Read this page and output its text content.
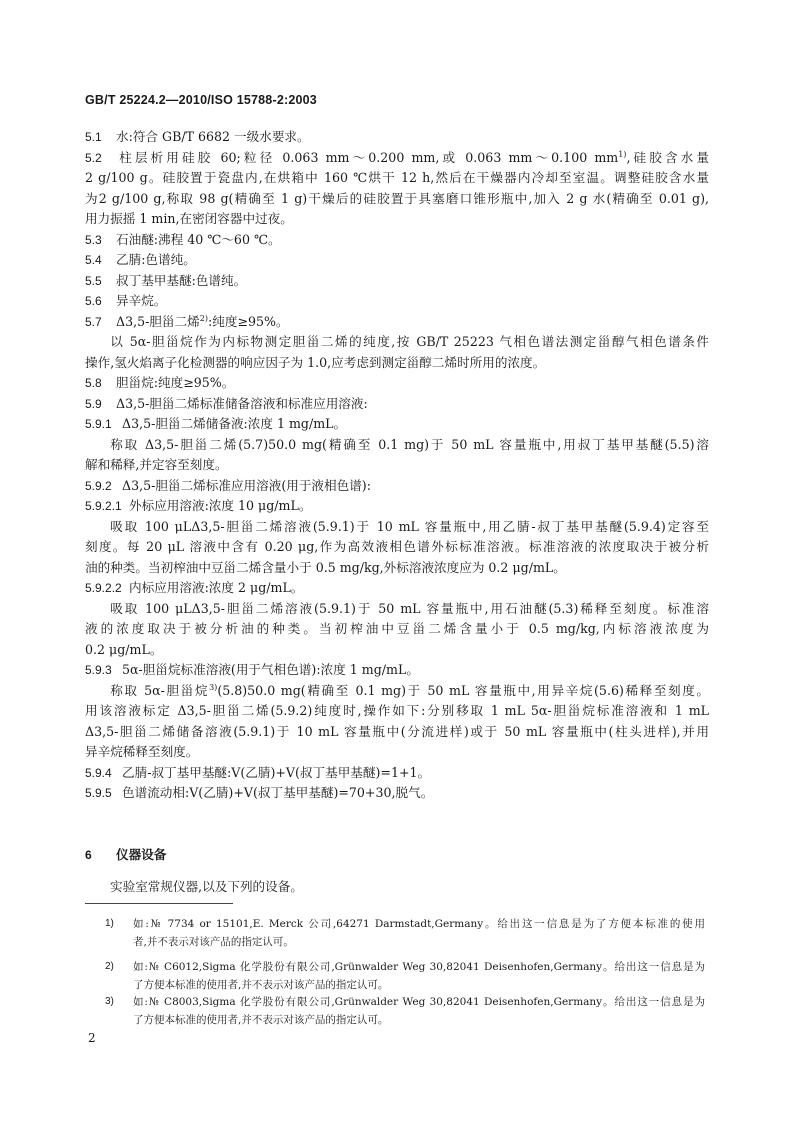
GB/T 25224.2—2010/ISO 15788-2:2003
5.1 水:符合 GB/T 6682 一级水要求。
5.2 柱层析用硅胶 60;粒径 0.063 mm～0.200 mm,或 0.063 mm～0.100 $mm^{1)}$,硅胶含水量
2 g/100 g。硅胶置于瓷盘内,在烘箱中 160 ℃烘干 12 h,然后在干燥器内冷却至室温。调整硅胶含水量
为2 g/100 g,称取 98 g(精确至 1 g)干燥后的硅胶置于具塞磨口锥形瓶中,加入 2 g 水(精确至 0.01 g),
用力振摇 1 min,在密闭容器中过夜。
5.3 石油醚:沸程 40 ℃～60 ℃。
5.4 乙腈:色谱纯。
5.5 叔丁基甲基醚:色谱纯。
5.6 异辛烷。
5.7 Δ3,5-胆甾二烯$^{2)}$:纯度≥95%。
以 5α-胆甾烷作为内标物测定胆甾二烯的纯度,按 GB/T 25223 气相色谱法测定甾醇气相色谱条件
操作,氢火焰离子化检测器的响应因子为 1.0,应考虑到测定甾醇二烯时所用的浓度。
5.8 胆甾烷:纯度≥95%。
5.9 Δ3,5-胆甾二烯标准储备溶液和标准应用溶液:
5.9.1 Δ3,5-胆甾二烯储备液:浓度 1 mg/mL。
称取 Δ3,5-胆甾二烯(5.7)50.0 mg(精确至 0.1 mg)于 50 mL 容量瓶中,用叔丁基甲基醚(5.5)溶
解和稀释,并定容至刻度。
5.9.2 Δ3,5-胆甾二烯标准应用溶液(用于液相色谱):
5.9.2.1 外标应用溶液:浓度 10 μg/mL。
吸取 100 μLΔ3,5-胆甾二烯溶液(5.9.1)于 10 mL 容量瓶中,用乙腈-叔丁基甲基醚(5.9.4)定容至
刻度。每 20 μL 溶液中含有 0.20 μg,作为高效液相色谱外标标准溶液。标准溶液的浓度取决于被分析
油的种类。当初榨油中豆甾二烯含量小于 0.5 mg/kg,外标溶液浓度应为 0.2 μg/mL。
5.9.2.2 内标应用溶液:浓度 2 μg/mL。
吸取 100 μLΔ3,5-胆甾二烯溶液(5.9.1)于 50 mL 容量瓶中,用石油醚(5.3)稀释至刻度。标准溶
液的浓度取决于被分析油的种类。当初榨油中豆甾二烯含量小于 0.5 mg/kg,内标溶液浓度为
0.2 μg/mL。
5.9.3 5α-胆甾烷标准溶液(用于气相色谱):浓度 1 mg/mL。
称取 5α-胆甾烷$^{3)}$(5.8)50.0 mg(精确至 0.1 mg)于 50 mL 容量瓶中,用异辛烷(5.6)稀释至刻度。
用该溶液标定 Δ3,5-胆甾二烯(5.9.2)纯度时,操作如下:分别移取 1 mL 5α-胆甾烷标准溶液和 1 mL
Δ3,5-胆甾二烯储备溶液(5.9.1)于 10 mL 容量瓶中(分流进样)或于 50 mL 容量瓶中(柱头进样),并用
异辛烷稀释至刻度。
5.9.4 乙腈-叔丁基甲基醚:V(乙腈)+V(叔丁基甲基醚)=1+1。
5.9.5 色谱流动相:V(乙腈)+V(叔丁基甲基醚)=70+30,脱气。
6 仪器设备
实验室常规仪器,以及下列的设备。
1) 如:№ 7734 or 15101,E. Merck 公司,64271 Darmstadt,Germany。给出这一信息是为了方便本标准的使用
者,并不表示对该产品的指定认可。
2) 如:№ C6012,Sigma 化学股份有限公司,Grünwalder Weg 30,82041 Deisenhofen,Germany。给出这一信息是为
了方便本标准的使用者,并不表示对该产品的指定认可。
3) 如:№ C8003,Sigma 化学股份有限公司,Grünwalder Weg 30,82041 Deisenhofen,Germany。给出这一信息是为
了方便本标准的使用者,并不表示对该产品的指定认可。
2
